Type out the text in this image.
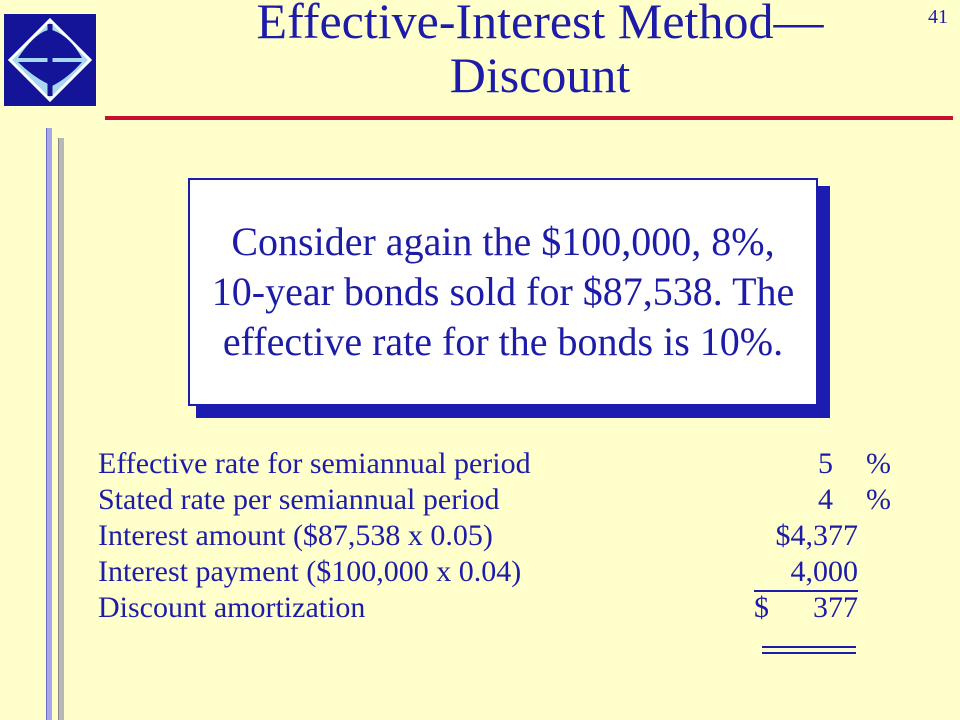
Effective-Interest Method—
Discount
41
Consider again the $100,000, 8%, 10-year bonds sold for $87,538. The effective rate for the bonds is 10%.
Effective rate for semiannual period	5 %
Stated rate per semiannual period	4 %
Interest amount ($87,538 x 0.05)	$4,377
Interest payment ($100,000 x 0.04)	4,000
Discount amortization	$	377
